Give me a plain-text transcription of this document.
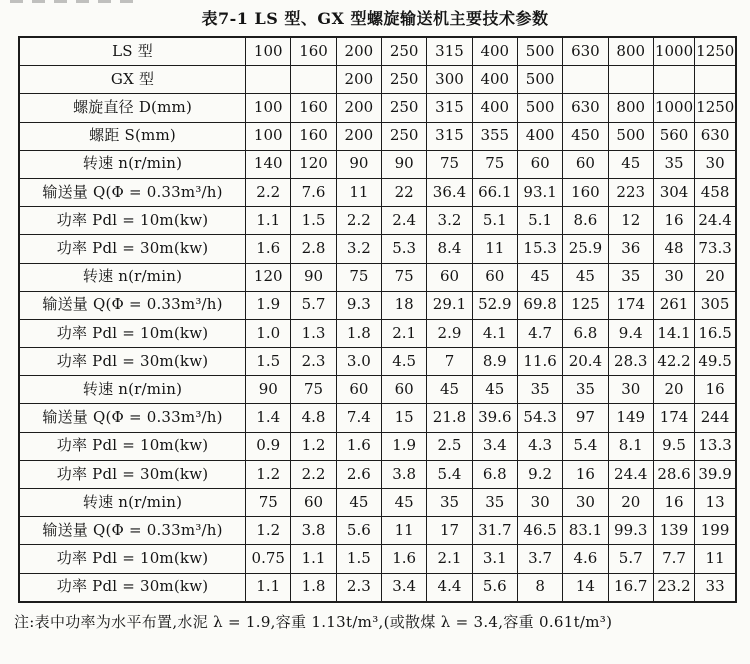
表7-1 LS 型、GX 型螺旋输送机主要技术参数
LS 型	100	160	200	250	315	400	500	630	800	1000	1250
GX 型			200	250	300	400	500				
螺旋直径 D(mm)	100	160	200	250	315	400	500	630	800	1000	1250
螺距 S(mm)	100	160	200	250	315	355	400	450	500	560	630
转速 n(r/min)	140	120	90	90	75	75	60	60	45	35	30
输送量 Q(Φ = 0.33m³/h)	2.2	7.6	11	22	36.4	66.1	93.1	160	223	304	458
功率 Pdl = 10m(kw)	1.1	1.5	2.2	2.4	3.2	5.1	5.1	8.6	12	16	24.4
功率 Pdl = 30m(kw)	1.6	2.8	3.2	5.3	8.4	11	15.3	25.9	36	48	73.3
转速 n(r/min)	120	90	75	75	60	60	45	45	35	30	20
输送量 Q(Φ = 0.33m³/h)	1.9	5.7	9.3	18	29.1	52.9	69.8	125	174	261	305
功率 Pdl = 10m(kw)	1.0	1.3	1.8	2.1	2.9	4.1	4.7	6.8	9.4	14.1	16.5
功率 Pdl = 30m(kw)	1.5	2.3	3.0	4.5	7	8.9	11.6	20.4	28.3	42.2	49.5
转速 n(r/min)	90	75	60	60	45	45	35	35	30	20	16
输送量 Q(Φ = 0.33m³/h)	1.4	4.8	7.4	15	21.8	39.6	54.3	97	149	174	244
功率 Pdl = 10m(kw)	0.9	1.2	1.6	1.9	2.5	3.4	4.3	5.4	8.1	9.5	13.3
功率 Pdl = 30m(kw)	1.2	2.2	2.6	3.8	5.4	6.8	9.2	16	24.4	28.6	39.9
转速 n(r/min)	75	60	45	45	35	35	30	30	20	16	13
输送量 Q(Φ = 0.33m³/h)	1.2	3.8	5.6	11	17	31.7	46.5	83.1	99.3	139	199
功率 Pdl = 10m(kw)	0.75	1.1	1.5	1.6	2.1	3.1	3.7	4.6	5.7	7.7	11
功率 Pdl = 30m(kw)	1.1	1.8	2.3	3.4	4.4	5.6	8	14	16.7	23.2	33
注:表中功率为水平布置,水泥 λ = 1.9,容重 1.13t/m³,(或散煤 λ = 3.4,容重 0.61t/m³)
